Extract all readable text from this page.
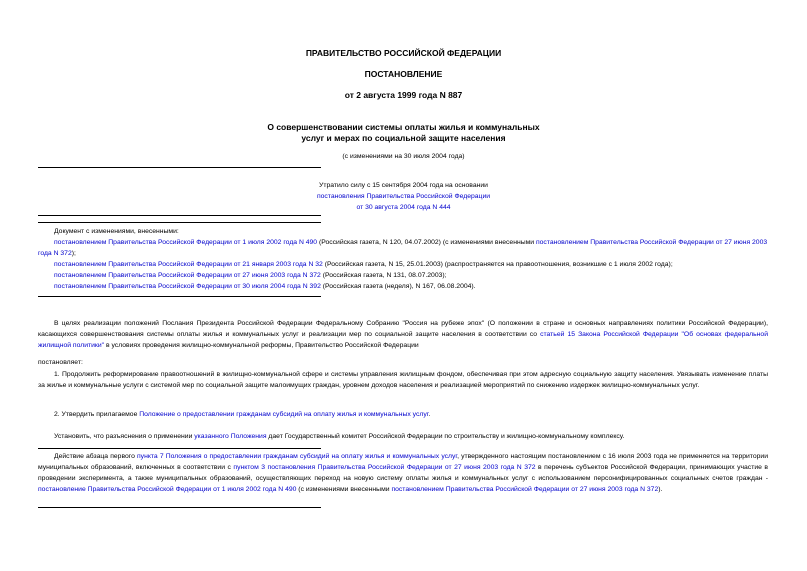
ПРАВИТЕЛЬСТВО РОССИЙСКОЙ ФЕДЕРАЦИИ
ПОСТАНОВЛЕНИЕ
от 2 августа 1999 года N 887
О совершенствовании системы оплаты жилья и коммунальных
услуг и мерах по социальной защите населения
(с изменениями на 30 июля 2004 года)
Утратило силу с 15 сентября 2004 года на основании
постановления Правительства Российской Федерации
от 30 августа 2004 года N 444
Документ с изменениями, внесенными:
постановлением Правительства Российской Федерации от 1 июля 2002 года N 490 (Российская газета, N 120, 04.07.2002) (с изменениями внесенными постановлением Правительства Российской Федерации от 27 июня 2003 года N 372);
постановлением Правительства Российской Федерации от 21 января 2003 года N 32 (Российская газета, N 15, 25.01.2003) (распространяется на правоотношения, возникшие с 1 июля 2002 года);
постановлением Правительства Российской Федерации от 27 июня 2003 года N 372 (Российская газета, N 131, 08.07.2003);
постановлением Правительства Российской Федерации от 30 июля 2004 года N 392 (Российская газета (неделя), N 167, 06.08.2004).
В целях реализации положений Послания Президента Российской Федерации Федеральному Собранию "Россия на рубеже эпох" (О положении в стране и основных направлениях политики Российской Федерации), касающихся совершенствования системы оплаты жилья и коммунальных услуг и реализации мер по социальной защите населения в соответствии со статьей 15 Закона Российской Федерации "Об основах федеральной жилищной политики" в условиях проведения жилищно-коммунальной реформы, Правительство Российской Федерации
постановляет:
1. Продолжить реформирование правоотношений в жилищно-коммунальной сфере и системы управления жилищным фондом, обеспечивая при этом адресную социальную защиту населения. Увязывать изменение платы за жилье и коммунальные услуги с системой мер по социальной защите малоимущих граждан, уровнем доходов населения и реализацией мероприятий по снижению издержек жилищно-коммунальных услуг.
2. Утвердить прилагаемое Положение о предоставлении гражданам субсидий на оплату жилья и коммунальных услуг.
Установить, что разъяснения о применении указанного Положения дает Государственный комитет Российской Федерации по строительству и жилищно-коммунальному комплексу.
Действие абзаца первого пункта 7 Положения о предоставлении гражданам субсидий на оплату жилья и коммунальных услуг, утвержденного настоящим постановлением с 16 июля 2003 года не применяется на территории муниципальных образований, включенных в соответствии с пунктом 3 постановления Правительства Российской Федерации от 27 июня 2003 года N 372 в перечень субъектов Российской Федерации, принимающих участие в проведении эксперимента, а также муниципальных образований, осуществляющих переход на новую систему оплаты жилья и коммунальных услуг с использованием персонифицированных социальных счетов граждан - постановление Правительства Российской Федерации от 1 июля 2002 года N 490 (с изменениями внесенными постановлением Правительства Российской Федерации от 27 июня 2003 года N 372).
